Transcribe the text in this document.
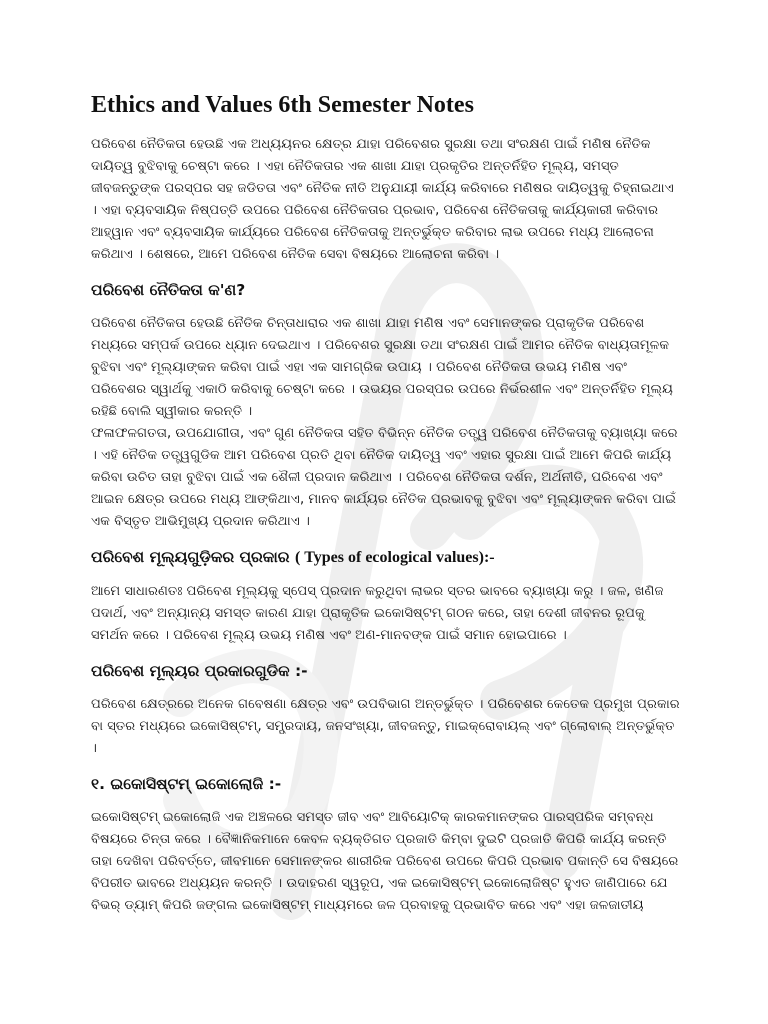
Ethics and Values 6th Semester Notes

ପରିବେଶ ନୈତିକତା ହେଉଛି ଏକ ଅଧ୍ୟୟନର କ୍ଷେତ୍ର ଯାହା ପରିବେଶର ସୁରକ୍ଷା ତଥା ସଂରକ୍ଷଣ ପାଇଁ ମଣିଷ ନୈତିକ ଦାୟିତ୍ୱ ବୁଝିବାକୁ ଚେଷ୍ଟା କରେ । ଏହା ନୈତିକତାର ଏକ ଶାଖା ଯାହା ପ୍ରକୃତିର ଅନ୍ତର୍ନିହିତ ମୂଲ୍ୟ, ସମସ୍ତ ଜୀବଜନ୍ତୁଙ୍କ ପରସ୍ପର ସହ ଜଡିତତା ଏବଂ ନୈତିକ ନୀତି ଅନୁଯାୟୀ କାର୍ଯ୍ୟ କରିବାରେ ମଣିଷର ଦାୟିତ୍ୱକୁ ଚିହ୍ନାଇଥାଏ । ଏହା ବ୍ୟବସାୟିକ ନିଷ୍ପତ୍ତି ଉପରେ ପରିବେଶ ନୈତିକତାର ପ୍ରଭାବ, ପରିବେଶ ନୈତିକତାକୁ କାର୍ଯ୍ୟକାରୀ କରିବାର ଆହ୍ୱାନ ଏବଂ ବ୍ୟବସାୟିକ କାର୍ଯ୍ୟରେ ପରିବେଶ ନୈତିକତାକୁ ଅନ୍ତର୍ଭୁକ୍ତ କରିବାର ଲାଭ ଉପରେ ମଧ୍ୟ ଆଲୋଚନା କରିଥାଏ । ଶେଷରେ, ଆମେ ପରିବେଶ ନୈତିକ ସେବା ବିଷୟରେ ଆଲୋଚନା କରିବା ।

ପରିବେଶ ନୈତିକତା କ'ଣ?

ପରିବେଶ ନୈତିକତା ହେଉଛି ନୈତିକ ଚିନ୍ତାଧାରାର ଏକ ଶାଖା ଯାହା ମଣିଷ ଏବଂ ସେମାନଙ୍କର ପ୍ରାକୃତିକ ପରିବେଶ ମଧ୍ୟରେ ସମ୍ପର୍କ ଉପରେ ଧ୍ୟାନ ଦେଇଥାଏ । ପରିବେଶର ସୁରକ୍ଷା ତଥା ସଂରକ୍ଷଣ ପାଇଁ ଆମର ନୈତିକ ବାଧ୍ୟତାମୂଳକ ବୁଝିବା ଏବଂ ମୂଲ୍ୟାଙ୍କନ କରିବା ପାଇଁ ଏହା ଏକ ସାମଗ୍ରିକ ଉପାୟ । ପରିବେଶ ନୈତିକତା ଉଭୟ ମଣିଷ ଏବଂ ପରିବେଶର ସ୍ୱାର୍ଥକୁ ଏକାଠି କରିବାକୁ ଚେଷ୍ଟା କରେ । ଉଭୟର ପରସ୍ପର ଉପରେ ନିର୍ଭରଶୀଳ ଏବଂ ଅନ୍ତର୍ନିହିତ ମୂଲ୍ୟ ରହିଛି ବୋଲି ସ୍ୱୀକାର କରନ୍ତି ।

ଫଳାଫଳଗତତା, ଉପଯୋଗୀତା, ଏବଂ ଗୁଣ ନୈତିକତା ସହିତ ବିଭିନ୍ନ ନୈତିକ ତତ୍ତ୍ୱ ପରିବେଶ ନୈତିକତାକୁ ବ୍ୟାଖ୍ୟା କରେ । ଏହି ନୈତିକ ତତ୍ତ୍ୱଗୁଡିକ ଆମ ପରିବେଶ ପ୍ରତି ଥିବା ନୈତିକ ଦାୟିତ୍ୱ ଏବଂ ଏହାର ସୁରକ୍ଷା ପାଇଁ ଆମେ କିପରି କାର୍ଯ୍ୟ କରିବା ଉଚିତ ତାହା ବୁଝିବା ପାଇଁ ଏକ ଶୈଳୀ ପ୍ରଦାନ କରିଥାଏ । ପରିବେଶ ନୈତିକତା ଦର୍ଶନ, ଅର୍ଥନୀତି, ପରିବେଶ ଏବଂ ଆଇନ କ୍ଷେତ୍ର ଉପରେ ମଧ୍ୟ ଆଙ୍କିଥାଏ, ମାନବ କାର୍ଯ୍ୟର ନୈତିକ ପ୍ରଭାବକୁ ବୁଝିବା ଏବଂ ମୂଲ୍ୟାଙ୍କନ କରିବା ପାଇଁ ଏକ ବିସ୍ତୃତ ଆଭିମୁଖ୍ୟ ପ୍ରଦାନ କରିଥାଏ ।

ପରିବେଶ ମୂଲ୍ୟଗୁଡ଼ିକର ପ୍ରକାର ( Types of ecological values):-

ଆମେ ସାଧାରଣତଃ ପରିବେଶ ମୂଲ୍ୟକୁ ସ୍ପେସ୍ ପ୍ରଦାନ କରୁଥିବା ଲାଭର ସ୍ତର ଭାବରେ ବ୍ୟାଖ୍ୟା କରୁ । ଜଳ, ଖଣିଜ ପଦାର୍ଥ, ଏବଂ ଅନ୍ୟାନ୍ୟ ସମସ୍ତ କାରଣ ଯାହା ପ୍ରାକୃତିକ ଇକୋସିଷ୍ଟମ୍ ଗଠନ କରେ, ତାହା ଦେଶୀ ଜୀବନର ରୂପକୁ ସମର୍ଥନ କରେ । ପରିବେଶ ମୂଲ୍ୟ ଉଭୟ ମଣିଷ ଏବଂ ଅଣ-ମାନବଙ୍କ ପାଇଁ ସମାନ ହୋଇପାରେ ।

ପରିବେଶ ମୂଲ୍ୟର ପ୍ରକାରଗୁଡିକ :-

ପରିବେଶ କ୍ଷେତ୍ରରେ ଅନେକ ଗବେଷଣା କ୍ଷେତ୍ର ଏବଂ ଉପବିଭାଗ ଅନ୍ତର୍ଭୁକ୍ତ । ପରିବେଶର କେତେକ ପ୍ରମୁଖ ପ୍ରକାର ବା ସ୍ତର ମଧ୍ୟରେ ଇକୋସିଷ୍ଟମ୍, ସମ୍ପ୍ରଦାୟ, ଜନସଂଖ୍ୟା, ଜୀବଜନ୍ତୁ, ମାଇକ୍ରୋବାୟଲ୍ ଏବଂ ଗ୍ଲୋବାଲ୍ ଅନ୍ତର୍ଭୁକ୍ତ ।

୧. ଇକୋସିଷ୍ଟମ୍ ଇକୋଲୋଜି :-

ଇକୋସିଷ୍ଟମ୍ ଇକୋଲୋଜି ଏକ ଅଞ୍ଚଳରେ ସମସ୍ତ ଜୀବ ଏବଂ ଆବିୟୋଟିକ୍ କାରକମାନଙ୍କର ପାରସ୍ପରିକ ସମ୍ବନ୍ଧ ବିଷୟରେ ଚିନ୍ତା କରେ । ବୈଜ୍ଞାନିକମାନେ କେବଳ ବ୍ୟକ୍ତିଗତ ପ୍ରଜାତି କିମ୍ବା ଦୁଇଟି ପ୍ରଜାତି କିପରି କାର୍ଯ୍ୟ କରନ୍ତି ତାହା ଦେଖିବା ପରିବର୍ତ୍ତେ, ଜୀବମାନେ ସେମାନଙ୍କର ଶାରୀରିକ ପରିବେଶ ଉପରେ କିପରି ପ୍ରଭାବ ପକାନ୍ତି ସେ ବିଷୟରେ ବିପରୀତ ଭାବରେ ଅଧ୍ୟୟନ କରନ୍ତି । ଉଦାହରଣ ସ୍ୱରୂପ, ଏକ ଇକୋସିଷ୍ଟମ୍ ଇକୋଲୋଜିଷ୍ଟ ହୁଏତ ଜାଣିପାରେ ଯେ ବିଭର୍ ଡ୍ୟାମ୍ କିପରି ଜଙ୍ଗଲ ଇକୋସିଷ୍ଟମ୍ ମାଧ୍ୟମରେ ଜଳ ପ୍ରବାହକୁ ପ୍ରଭାବିତ କରେ ଏବଂ ଏହା ଜଳଜାତୀୟ
